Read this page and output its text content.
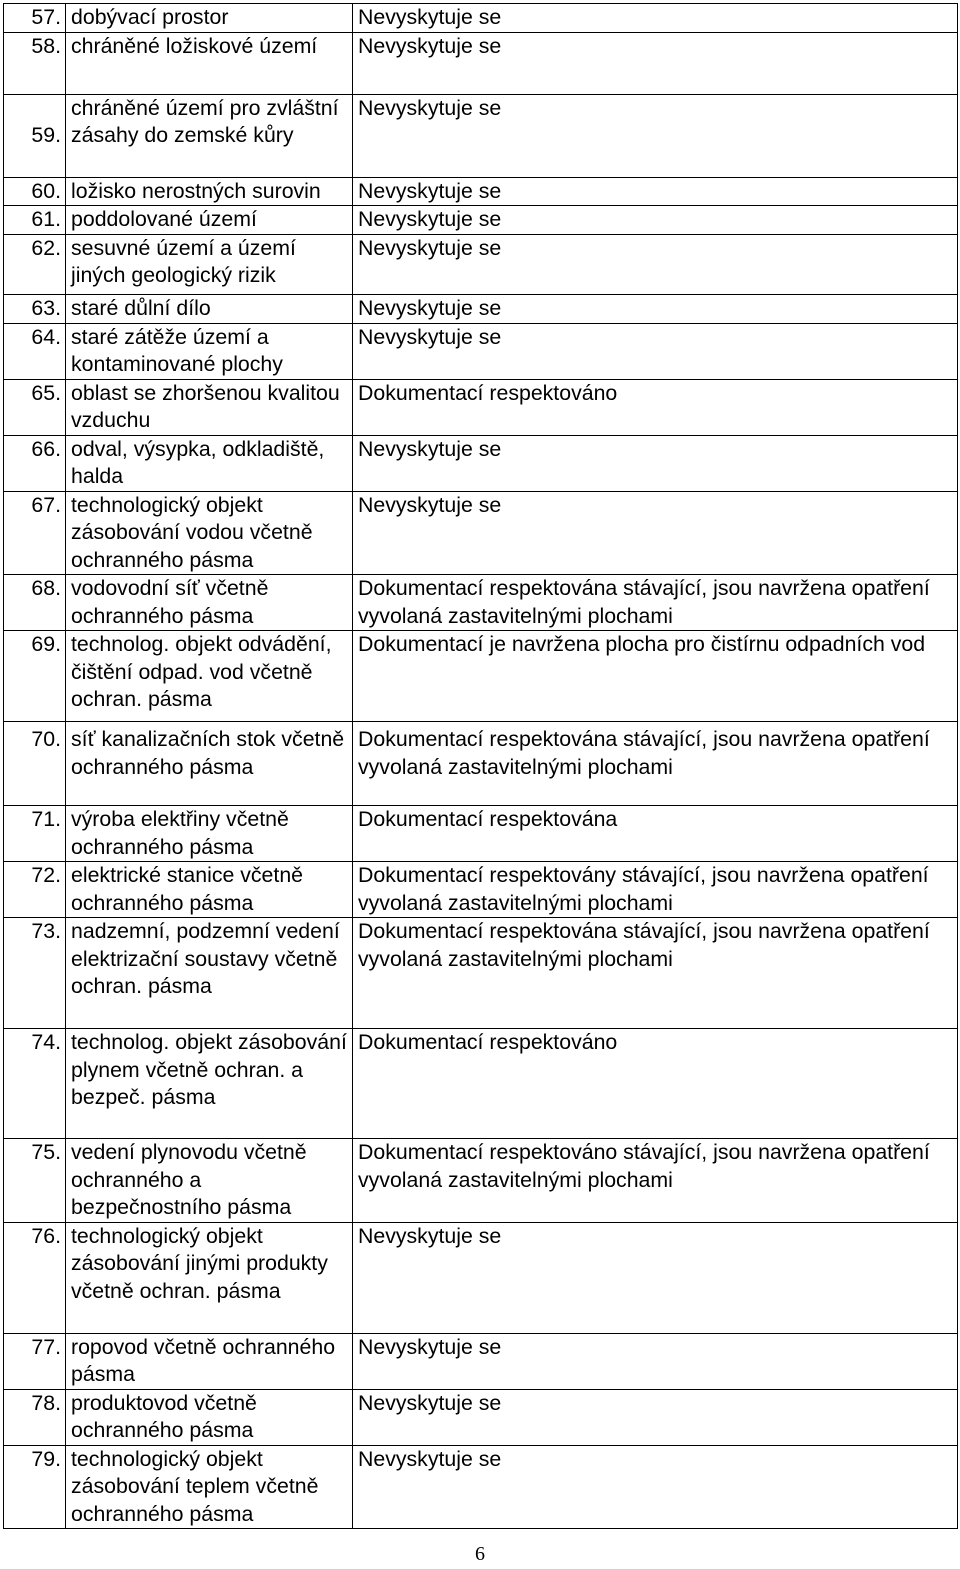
57.	dobývací prostor	Nevyskytuje se
58.	chráněné ložiskové území	Nevyskytuje se
59.	chráněné území pro zvláštní zásahy do zemské kůry	Nevyskytuje se
60.	ložisko nerostných surovin	Nevyskytuje se
61.	poddolované území	Nevyskytuje se
62.	sesuvné území a území jiných geologický rizik	Nevyskytuje se
63.	staré důlní dílo	Nevyskytuje se
64.	staré zátěže území a kontaminované plochy	Nevyskytuje se
65.	oblast se zhoršenou kvalitou vzduchu	Dokumentací respektováno
66.	odval, výsypka, odkladiště, halda	Nevyskytuje se
67.	technologický objekt zásobování vodou včetně ochranného pásma	Nevyskytuje se
68.	vodovodní síť včetně ochranného pásma	Dokumentací respektována stávající, jsou navržena opatření vyvolaná zastavitelnými plochami
69.	technolog. objekt odvádění, čištění odpad. vod včetně ochran. pásma	Dokumentací je navržena plocha pro čistírnu odpadních vod
70.	síť kanalizačních stok včetně ochranného pásma	Dokumentací respektována stávající, jsou navržena opatření vyvolaná zastavitelnými plochami
71.	výroba elektřiny včetně ochranného pásma	Dokumentací respektována
72.	elektrické stanice včetně ochranného pásma	Dokumentací respektovány stávající, jsou navržena opatření vyvolaná zastavitelnými plochami
73.	nadzemní, podzemní vedení elektrizační soustavy včetně ochran. pásma	Dokumentací respektována stávající, jsou navržena opatření vyvolaná zastavitelnými plochami
74.	technolog. objekt zásobování plynem včetně ochran. a bezpeč. pásma	Dokumentací respektováno
75.	vedení plynovodu včetně ochranného a bezpečnostního pásma	Dokumentací respektováno stávající, jsou navržena opatření vyvolaná zastavitelnými plochami
76.	technologický objekt zásobování jinými produkty včetně ochran. pásma	Nevyskytuje se
77.	ropovod včetně ochranného pásma	Nevyskytuje se
78.	produktovod včetně ochranného pásma	Nevyskytuje se
79.	technologický objekt zásobování teplem včetně ochranného pásma	Nevyskytuje se
6
